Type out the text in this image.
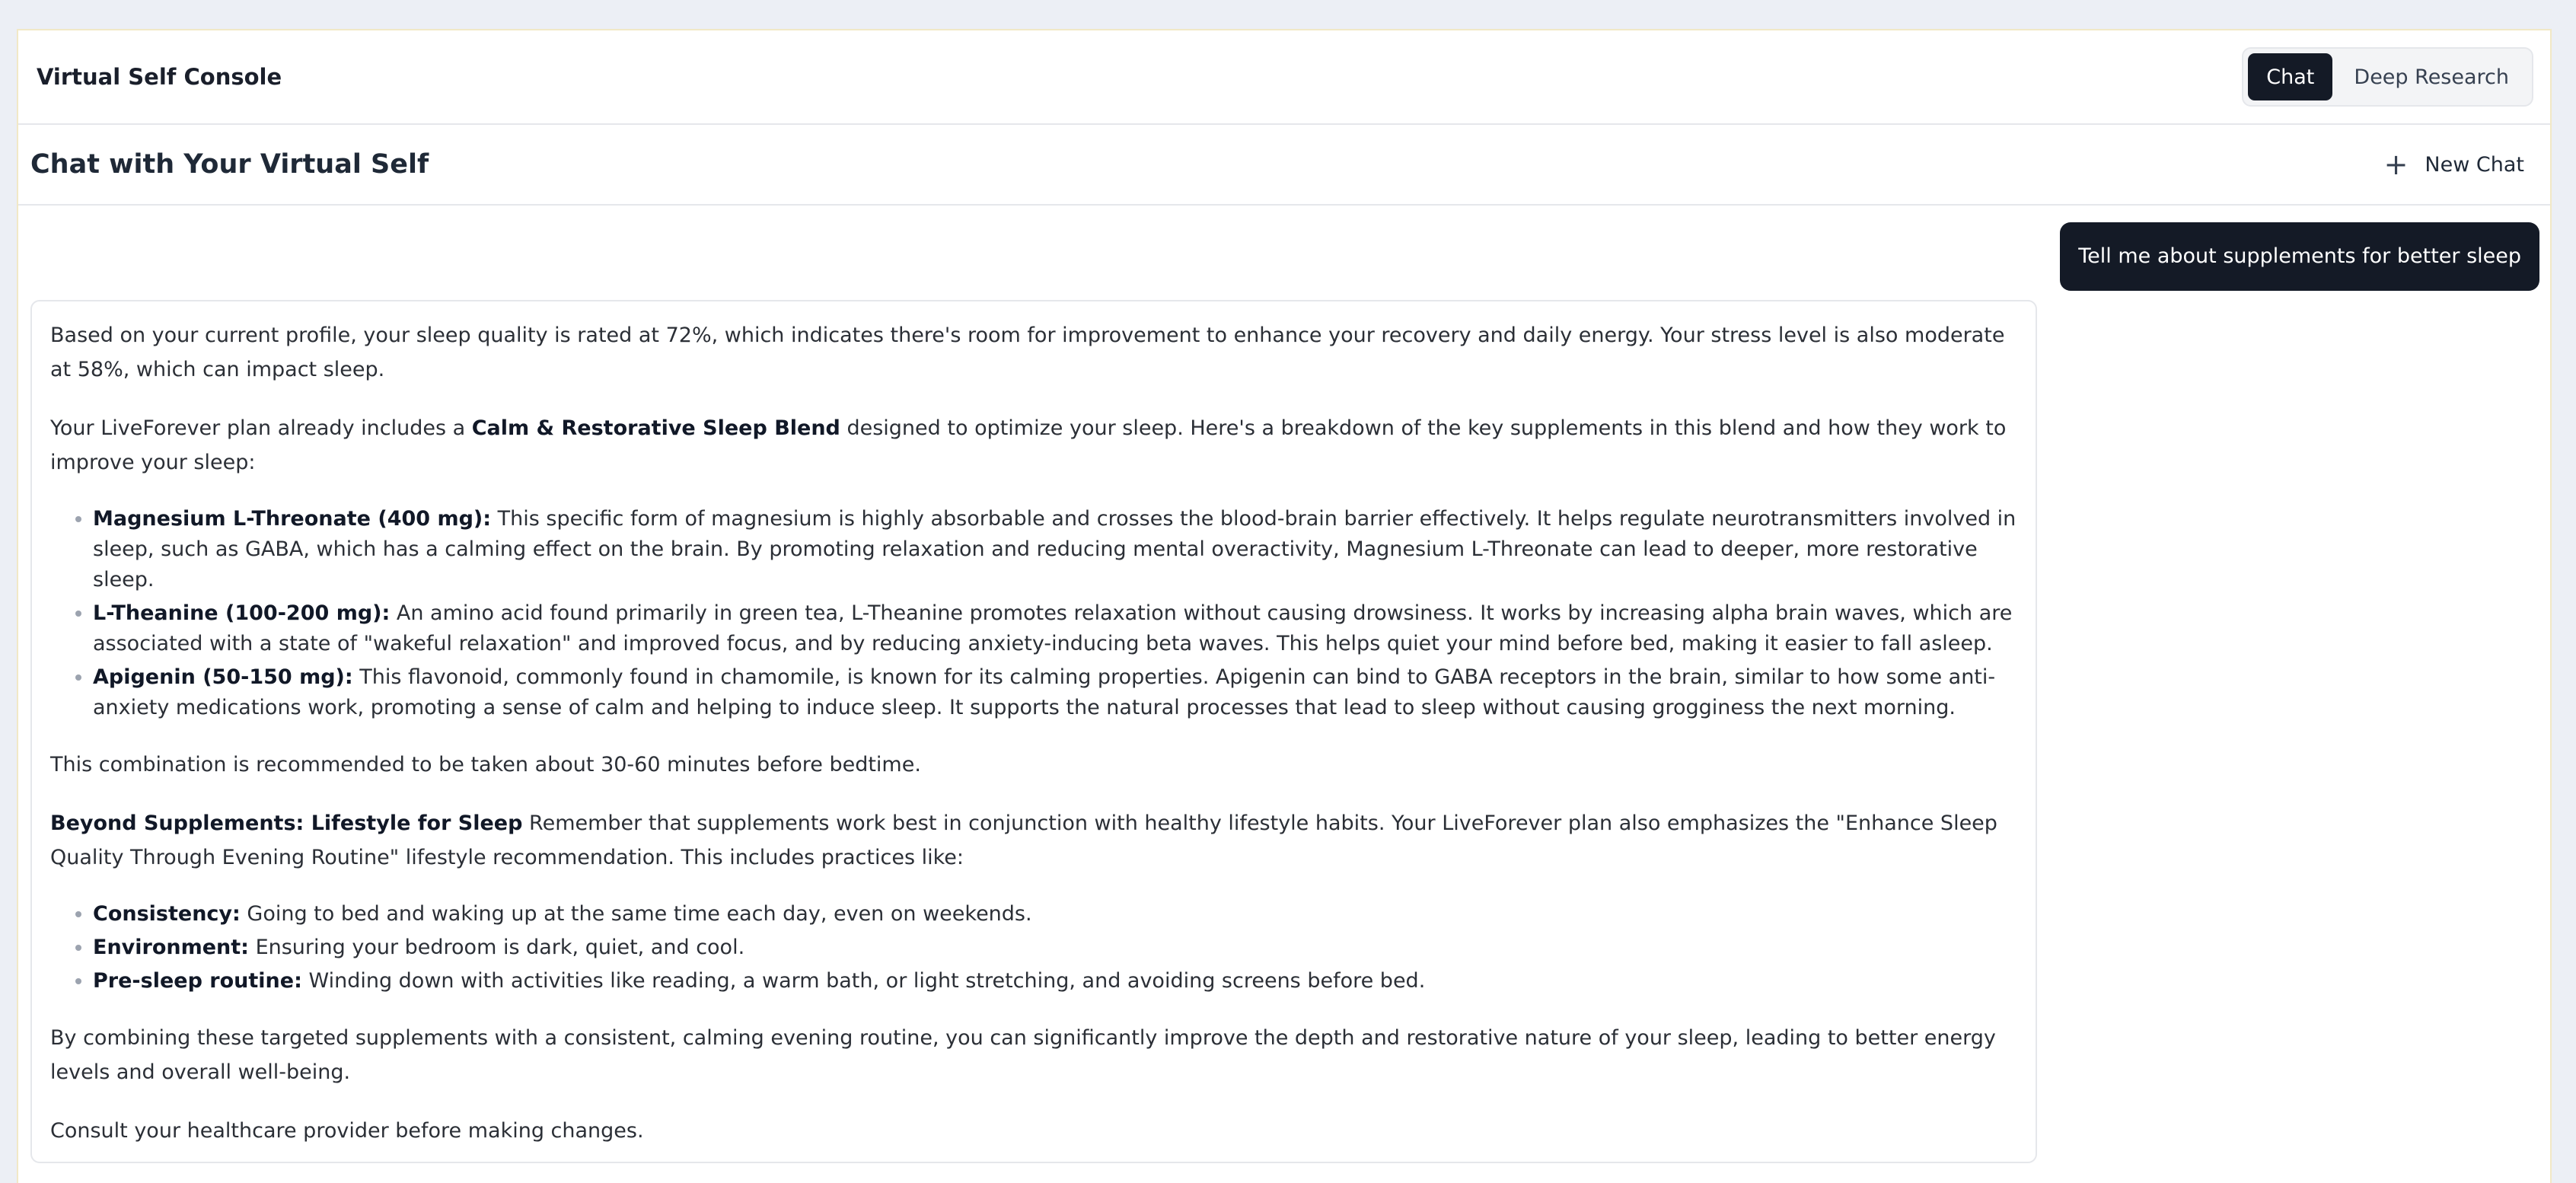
Virtual Self Console	Chat	Deep Research
Chat with Your Virtual Self	+ New Chat
Tell me about supplements for better sleep

Based on your current profile, your sleep quality is rated at 72%, which indicates there's room for improvement to enhance your recovery and daily energy. Your stress level is also moderate at 58%, which can impact sleep.

Your LiveForever plan already includes a Calm & Restorative Sleep Blend designed to optimize your sleep. Here's a breakdown of the key supplements in this blend and how they work to improve your sleep:

• Magnesium L-Threonate (400 mg): This specific form of magnesium is highly absorbable and crosses the blood-brain barrier effectively. It helps regulate neurotransmitters involved in sleep, such as GABA, which has a calming effect on the brain. By promoting relaxation and reducing mental overactivity, Magnesium L-Threonate can lead to deeper, more restorative sleep.
• L-Theanine (100-200 mg): An amino acid found primarily in green tea, L-Theanine promotes relaxation without causing drowsiness. It works by increasing alpha brain waves, which are associated with a state of "wakeful relaxation" and improved focus, and by reducing anxiety-inducing beta waves. This helps quiet your mind before bed, making it easier to fall asleep.
• Apigenin (50-150 mg): This flavonoid, commonly found in chamomile, is known for its calming properties. Apigenin can bind to GABA receptors in the brain, similar to how some anti-anxiety medications work, promoting a sense of calm and helping to induce sleep. It supports the natural processes that lead to sleep without causing grogginess the next morning.

This combination is recommended to be taken about 30-60 minutes before bedtime.

Beyond Supplements: Lifestyle for Sleep Remember that supplements work best in conjunction with healthy lifestyle habits. Your LiveForever plan also emphasizes the "Enhance Sleep Quality Through Evening Routine" lifestyle recommendation. This includes practices like:

• Consistency: Going to bed and waking up at the same time each day, even on weekends.
• Environment: Ensuring your bedroom is dark, quiet, and cool.
• Pre-sleep routine: Winding down with activities like reading, a warm bath, or light stretching, and avoiding screens before bed.

By combining these targeted supplements with a consistent, calming evening routine, you can significantly improve the depth and restorative nature of your sleep, leading to better energy levels and overall well-being.

Consult your healthcare provider before making changes.
